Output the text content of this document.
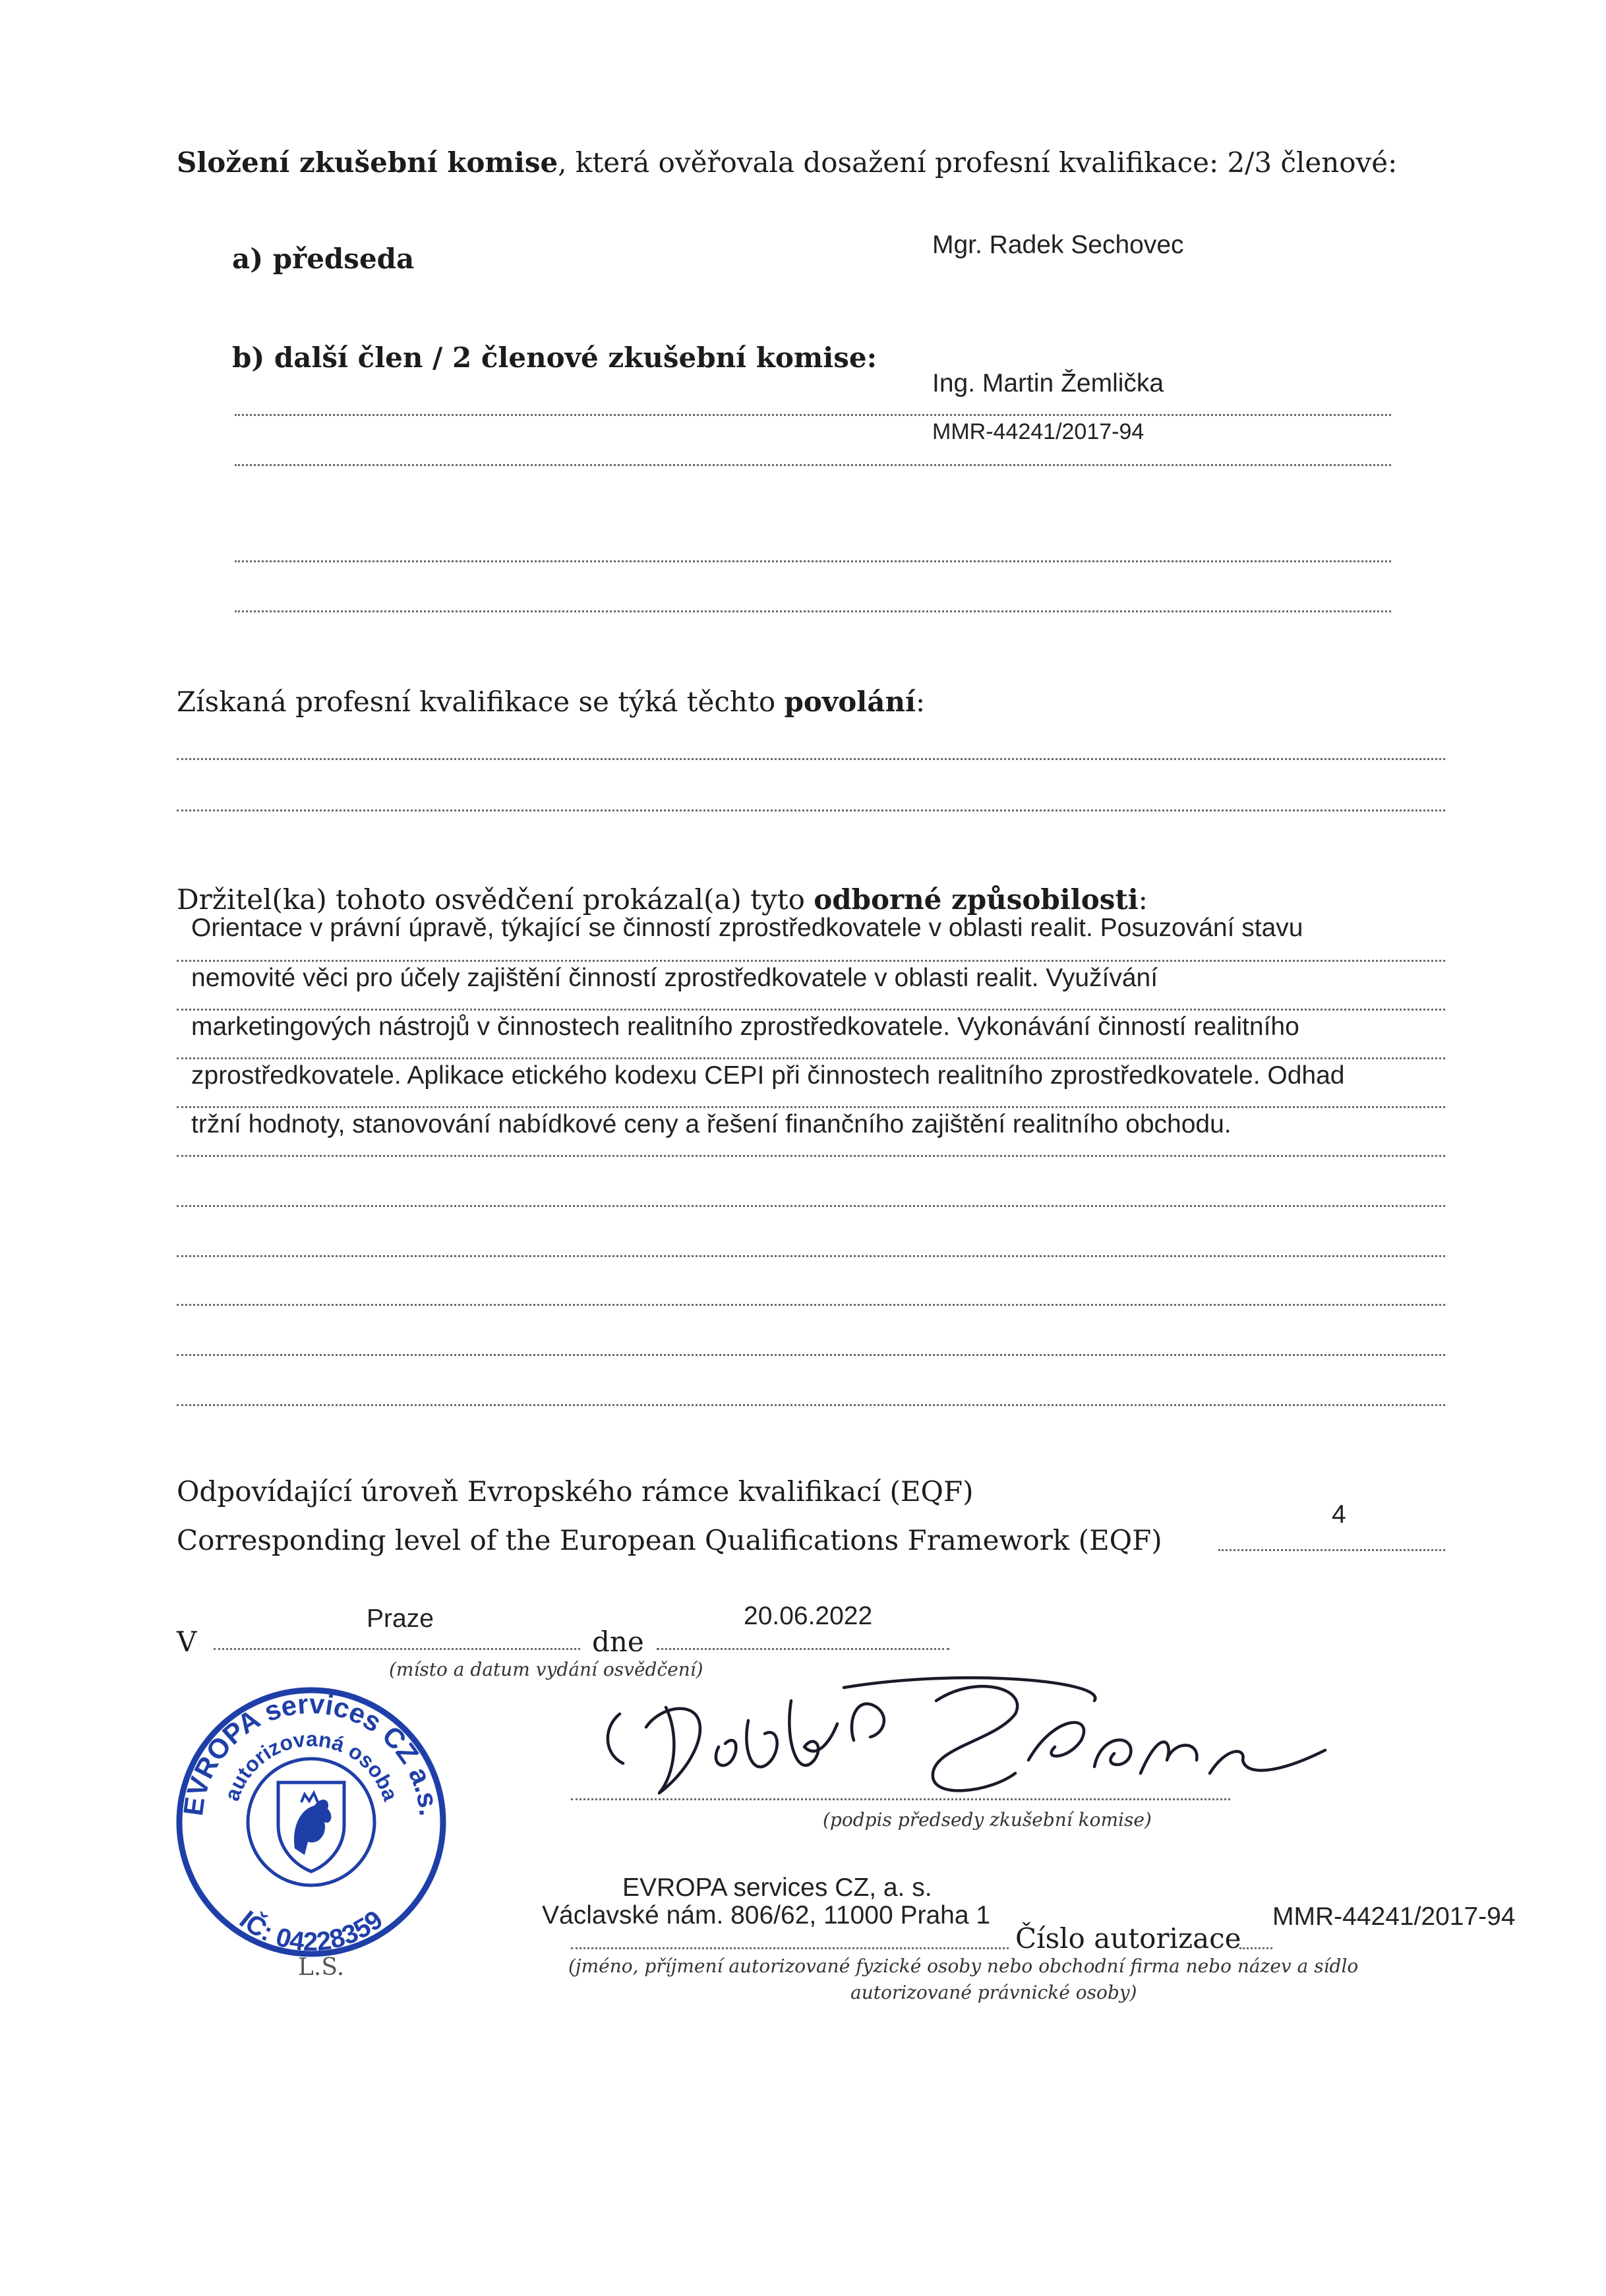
Složení zkušební komise, která ověřovala dosažení profesní kvalifikace: 2/3 členové:
a) předseda	Mgr. Radek Sechovec
b) další člen / 2 členové zkušební komise:
Ing. Martin Žemlička
MMR-44241/2017-94
Získaná profesní kvalifikace se týká těchto povolání:
Držitel(ka) tohoto osvědčení prokázal(a) tyto odborné způsobilosti:
Orientace v právní úpravě, týkající se činností zprostředkovatele v oblasti realit. Posuzování stavu
nemovité věci pro účely zajištění činností zprostředkovatele v oblasti realit. Využívání
marketingových nástrojů v činnostech realitního zprostředkovatele. Vykonávání činností realitního
zprostředkovatele. Aplikace etického kodexu CEPI při činnostech realitního zprostředkovatele. Odhad
tržní hodnoty, stanovování nabídkové ceny a řešení finančního zajištění realitního obchodu.
Odpovídající úroveň Evropského rámce kvalifikací (EQF)
Corresponding level of the European Qualifications Framework (EQF)
4
Praze	20.06.2022
V	dne
(místo a datum vydání osvědčení)
(podpis předsedy zkušební komise)
EVROPA services CZ a.s.
autorizovaná osoba
IČ: 04228359
EVROPA services CZ, a. s.
Václavské nám. 806/62, 11000 Praha 1
Číslo autorizace
MMR-44241/2017-94
L.S.	(jméno, příjmení autorizované fyzické osoby nebo obchodní firma nebo název a sídlo
autorizované právnické osoby)
